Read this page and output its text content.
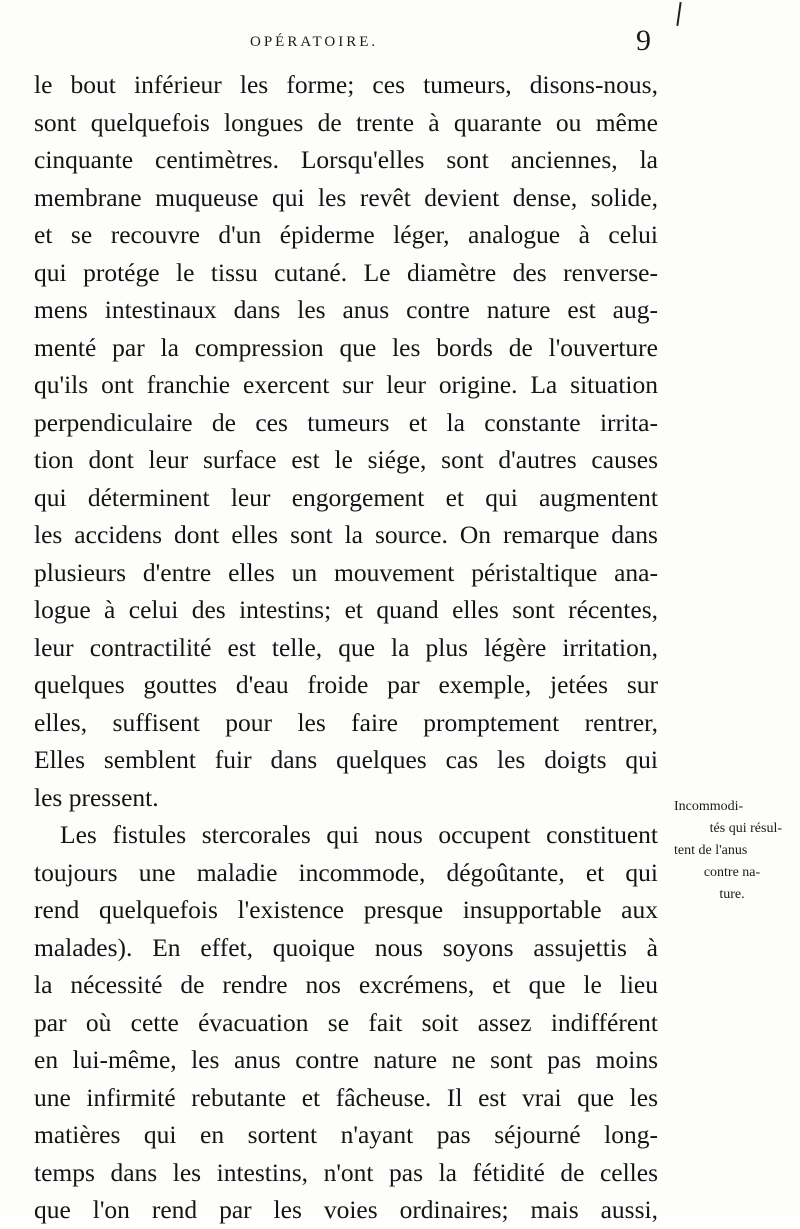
OPÉRATOIRE.	9
le bout inférieur les forme; ces tumeurs, disons-nous,
sont quelquefois longues de trente à quarante ou même
cinquante centimètres. Lorsqu'elles sont anciennes, la
membrane muqueuse qui les revêt devient dense, solide,
et se recouvre d'un épiderme léger, analogue à celui
qui protége le tissu cutané. Le diamètre des renverse-
mens intestinaux dans les anus contre nature est aug-
menté par la compression que les bords de l'ouverture
qu'ils ont franchie exercent sur leur origine. La situation
perpendiculaire de ces tumeurs et la constante irrita-
tion dont leur surface est le siége, sont d'autres causes
qui déterminent leur engorgement et qui augmentent
les accidens dont elles sont la source. On remarque dans
plusieurs d'entre elles un mouvement péristaltique ana-
logue à celui des intestins; et quand elles sont récentes,
leur contractilité est telle, que la plus légère irritation,
quelques gouttes d'eau froide par exemple, jetées sur
elles, suffisent pour les faire promptement rentrer,
Elles semblent fuir dans quelques cas les doigts qui
les pressent.
Les fistules stercorales qui nous occupent constituent
toujours une maladie incommode, dégoûtante, et qui
rend quelquefois l'existence presque insupportable aux
malades). En effet, quoique nous soyons assujettis à
la nécessité de rendre nos excrémens, et que le lieu
par où cette évacuation se fait soit assez indifférent
en lui-même, les anus contre nature ne sont pas moins
une infirmité rebutante et fâcheuse. Il est vrai que les
matières qui en sortent n'ayant pas séjourné long-
temps dans les intestins, n'ont pas la fétidité de celles
que l'on rend par les voies ordinaires; mais aussi,
Incommodi-
tés qui résul-
tent de l'anus
contre na-
ture.
